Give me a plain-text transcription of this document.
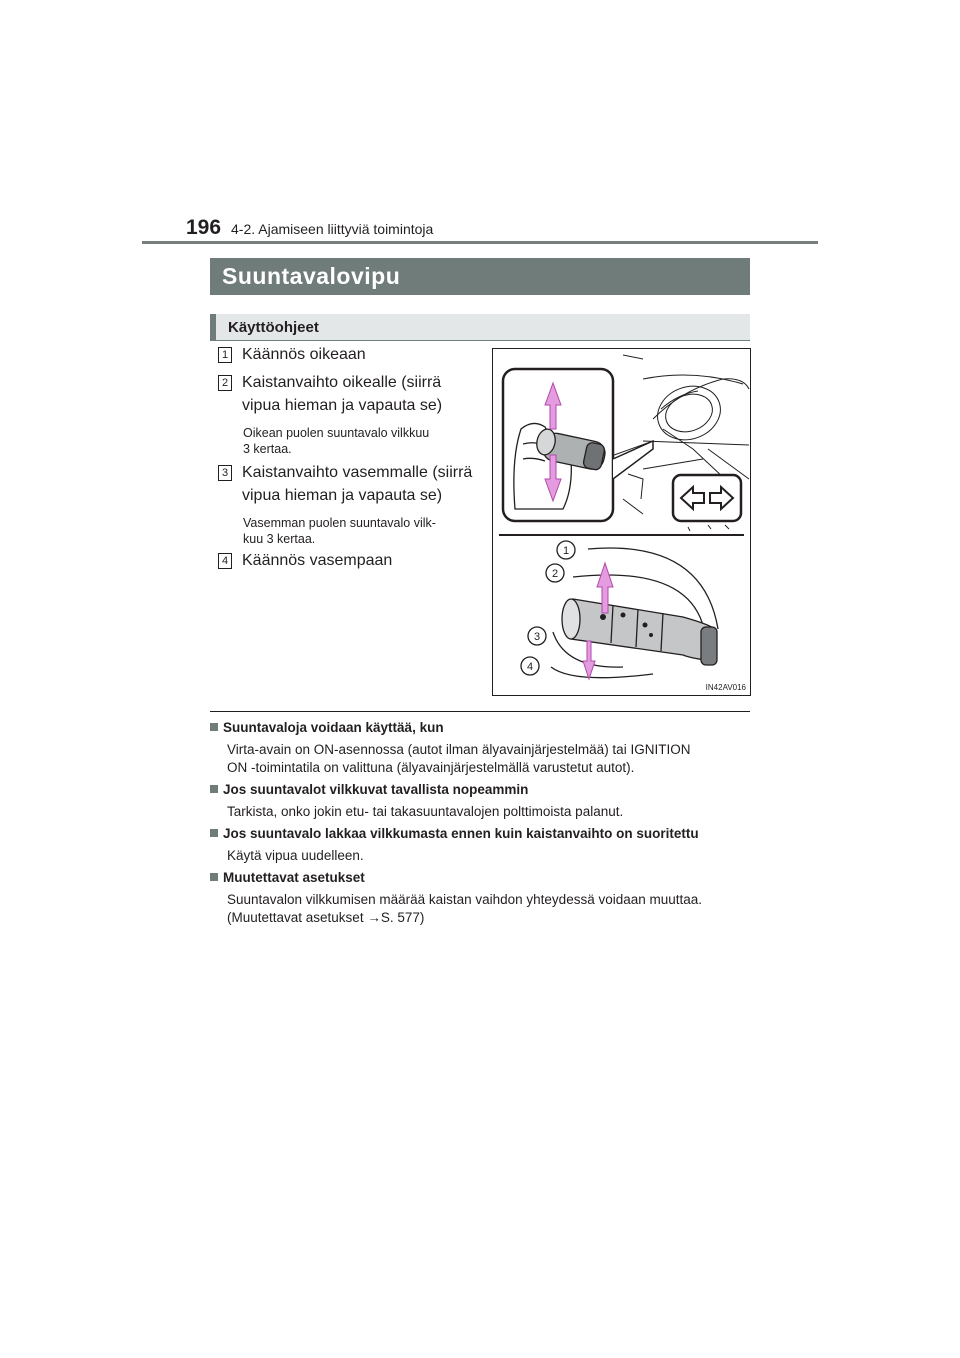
196 4-2. Ajamiseen liittyviä toimintoja
Suuntavalovipu
Käyttöohjeet
1 Käännös oikeaan
2 Kaistanvaihto oikealle (siirrä
vipua hieman ja vapauta se)
Oikean puolen suuntavalo vilkkuu
3 kertaa.
3 Kaistanvaihto vasemmalle (siirrä
vipua hieman ja vapauta se)
Vasemman puolen suuntavalo vilk-
kuu 3 kertaa.
4 Käännös vasempaan
1
2
3
4
IN42AV016
Suuntavaloja voidaan käyttää, kun
Virta-avain on ON-asennossa (autot ilman älyavainjärjestelmää) tai IGNITION
ON -toimintatila on valittuna (älyavainjärjestelmällä varustetut autot).
Jos suuntavalot vilkkuvat tavallista nopeammin
Tarkista, onko jokin etu- tai takasuuntavalojen polttimoista palanut.
Jos suuntavalo lakkaa vilkkumasta ennen kuin kaistanvaihto on suoritettu
Käytä vipua uudelleen.
Muutettavat asetukset
Suuntavalon vilkkumisen määrää kaistan vaihdon yhteydessä voidaan muuttaa.
(Muutettavat asetukset →S. 577)
